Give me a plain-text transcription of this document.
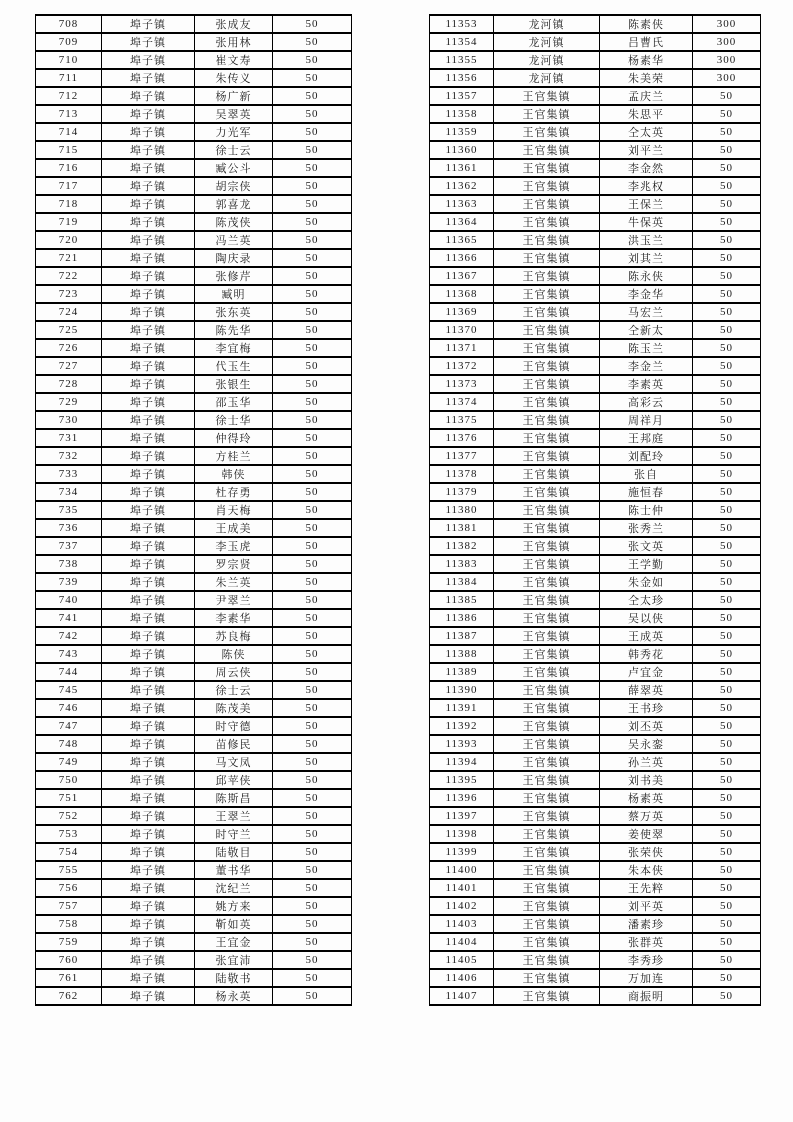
708	埠子镇	张成友	50
709	埠子镇	张用林	50
710	埠子镇	崔文寿	50
711	埠子镇	朱传义	50
712	埠子镇	杨广新	50
713	埠子镇	吴翠英	50
714	埠子镇	力光军	50
715	埠子镇	徐士云	50
716	埠子镇	臧公斗	50
717	埠子镇	胡宗侠	50
718	埠子镇	郭喜龙	50
719	埠子镇	陈茂侠	50
720	埠子镇	冯兰英	50
721	埠子镇	陶庆录	50
722	埠子镇	张修芹	50
723	埠子镇	臧明	50
724	埠子镇	张东英	50
725	埠子镇	陈先华	50
726	埠子镇	李宜梅	50
727	埠子镇	代玉生	50
728	埠子镇	张银生	50
729	埠子镇	邵玉华	50
730	埠子镇	徐士华	50
731	埠子镇	仲得玲	50
732	埠子镇	方桂兰	50
733	埠子镇	韩侠	50
734	埠子镇	杜存勇	50
735	埠子镇	肖天梅	50
736	埠子镇	王成美	50
737	埠子镇	李玉虎	50
738	埠子镇	罗宗贤	50
739	埠子镇	朱兰英	50
740	埠子镇	尹翠兰	50
741	埠子镇	李素华	50
742	埠子镇	苏良梅	50
743	埠子镇	陈侠	50
744	埠子镇	周云侠	50
745	埠子镇	徐士云	50
746	埠子镇	陈茂美	50
747	埠子镇	时守德	50
748	埠子镇	苗修民	50
749	埠子镇	马文凤	50
750	埠子镇	邱苹侠	50
751	埠子镇	陈斯昌	50
752	埠子镇	王翠兰	50
753	埠子镇	时守兰	50
754	埠子镇	陆敬目	50
755	埠子镇	董书华	50
756	埠子镇	沈纪兰	50
757	埠子镇	姚方来	50
758	埠子镇	靳如英	50
759	埠子镇	王宜金	50
760	埠子镇	张宜沛	50
761	埠子镇	陆敬书	50
762	埠子镇	杨永英	50
11353	龙河镇	陈素侠	300
11354	龙河镇	吕曹氏	300
11355	龙河镇	杨素华	300
11356	龙河镇	朱美荣	300
11357	王官集镇	孟庆兰	50
11358	王官集镇	朱思平	50
11359	王官集镇	仝太英	50
11360	王官集镇	刘平兰	50
11361	王官集镇	李金然	50
11362	王官集镇	李兆权	50
11363	王官集镇	王保兰	50
11364	王官集镇	牛保英	50
11365	王官集镇	洪玉兰	50
11366	王官集镇	刘其兰	50
11367	王官集镇	陈永侠	50
11368	王官集镇	李金华	50
11369	王官集镇	马宏兰	50
11370	王官集镇	仝新太	50
11371	王官集镇	陈玉兰	50
11372	王官集镇	李金兰	50
11373	王官集镇	李素英	50
11374	王官集镇	高彩云	50
11375	王官集镇	周祥月	50
11376	王官集镇	王邦庭	50
11377	王官集镇	刘配玲	50
11378	王官集镇	张自	50
11379	王官集镇	施恒春	50
11380	王官集镇	陈士仲	50
11381	王官集镇	张秀兰	50
11382	王官集镇	张文英	50
11383	王官集镇	王学勤	50
11384	王官集镇	朱金如	50
11385	王官集镇	仝太珍	50
11386	王官集镇	吴以侠	50
11387	王官集镇	王成英	50
11388	王官集镇	韩秀花	50
11389	王官集镇	卢宜金	50
11390	王官集镇	薛翠英	50
11391	王官集镇	王书珍	50
11392	王官集镇	刘丕英	50
11393	王官集镇	吴永銮	50
11394	王官集镇	孙兰英	50
11395	王官集镇	刘书美	50
11396	王官集镇	杨素英	50
11397	王官集镇	蔡万英	50
11398	王官集镇	姜使翠	50
11399	王官集镇	张荣侠	50
11400	王官集镇	朱本侠	50
11401	王官集镇	王先粹	50
11402	王官集镇	刘平英	50
11403	王官集镇	潘素珍	50
11404	王官集镇	张群英	50
11405	王官集镇	李秀珍	50
11406	王官集镇	万加连	50
11407	王官集镇	商振明	50
